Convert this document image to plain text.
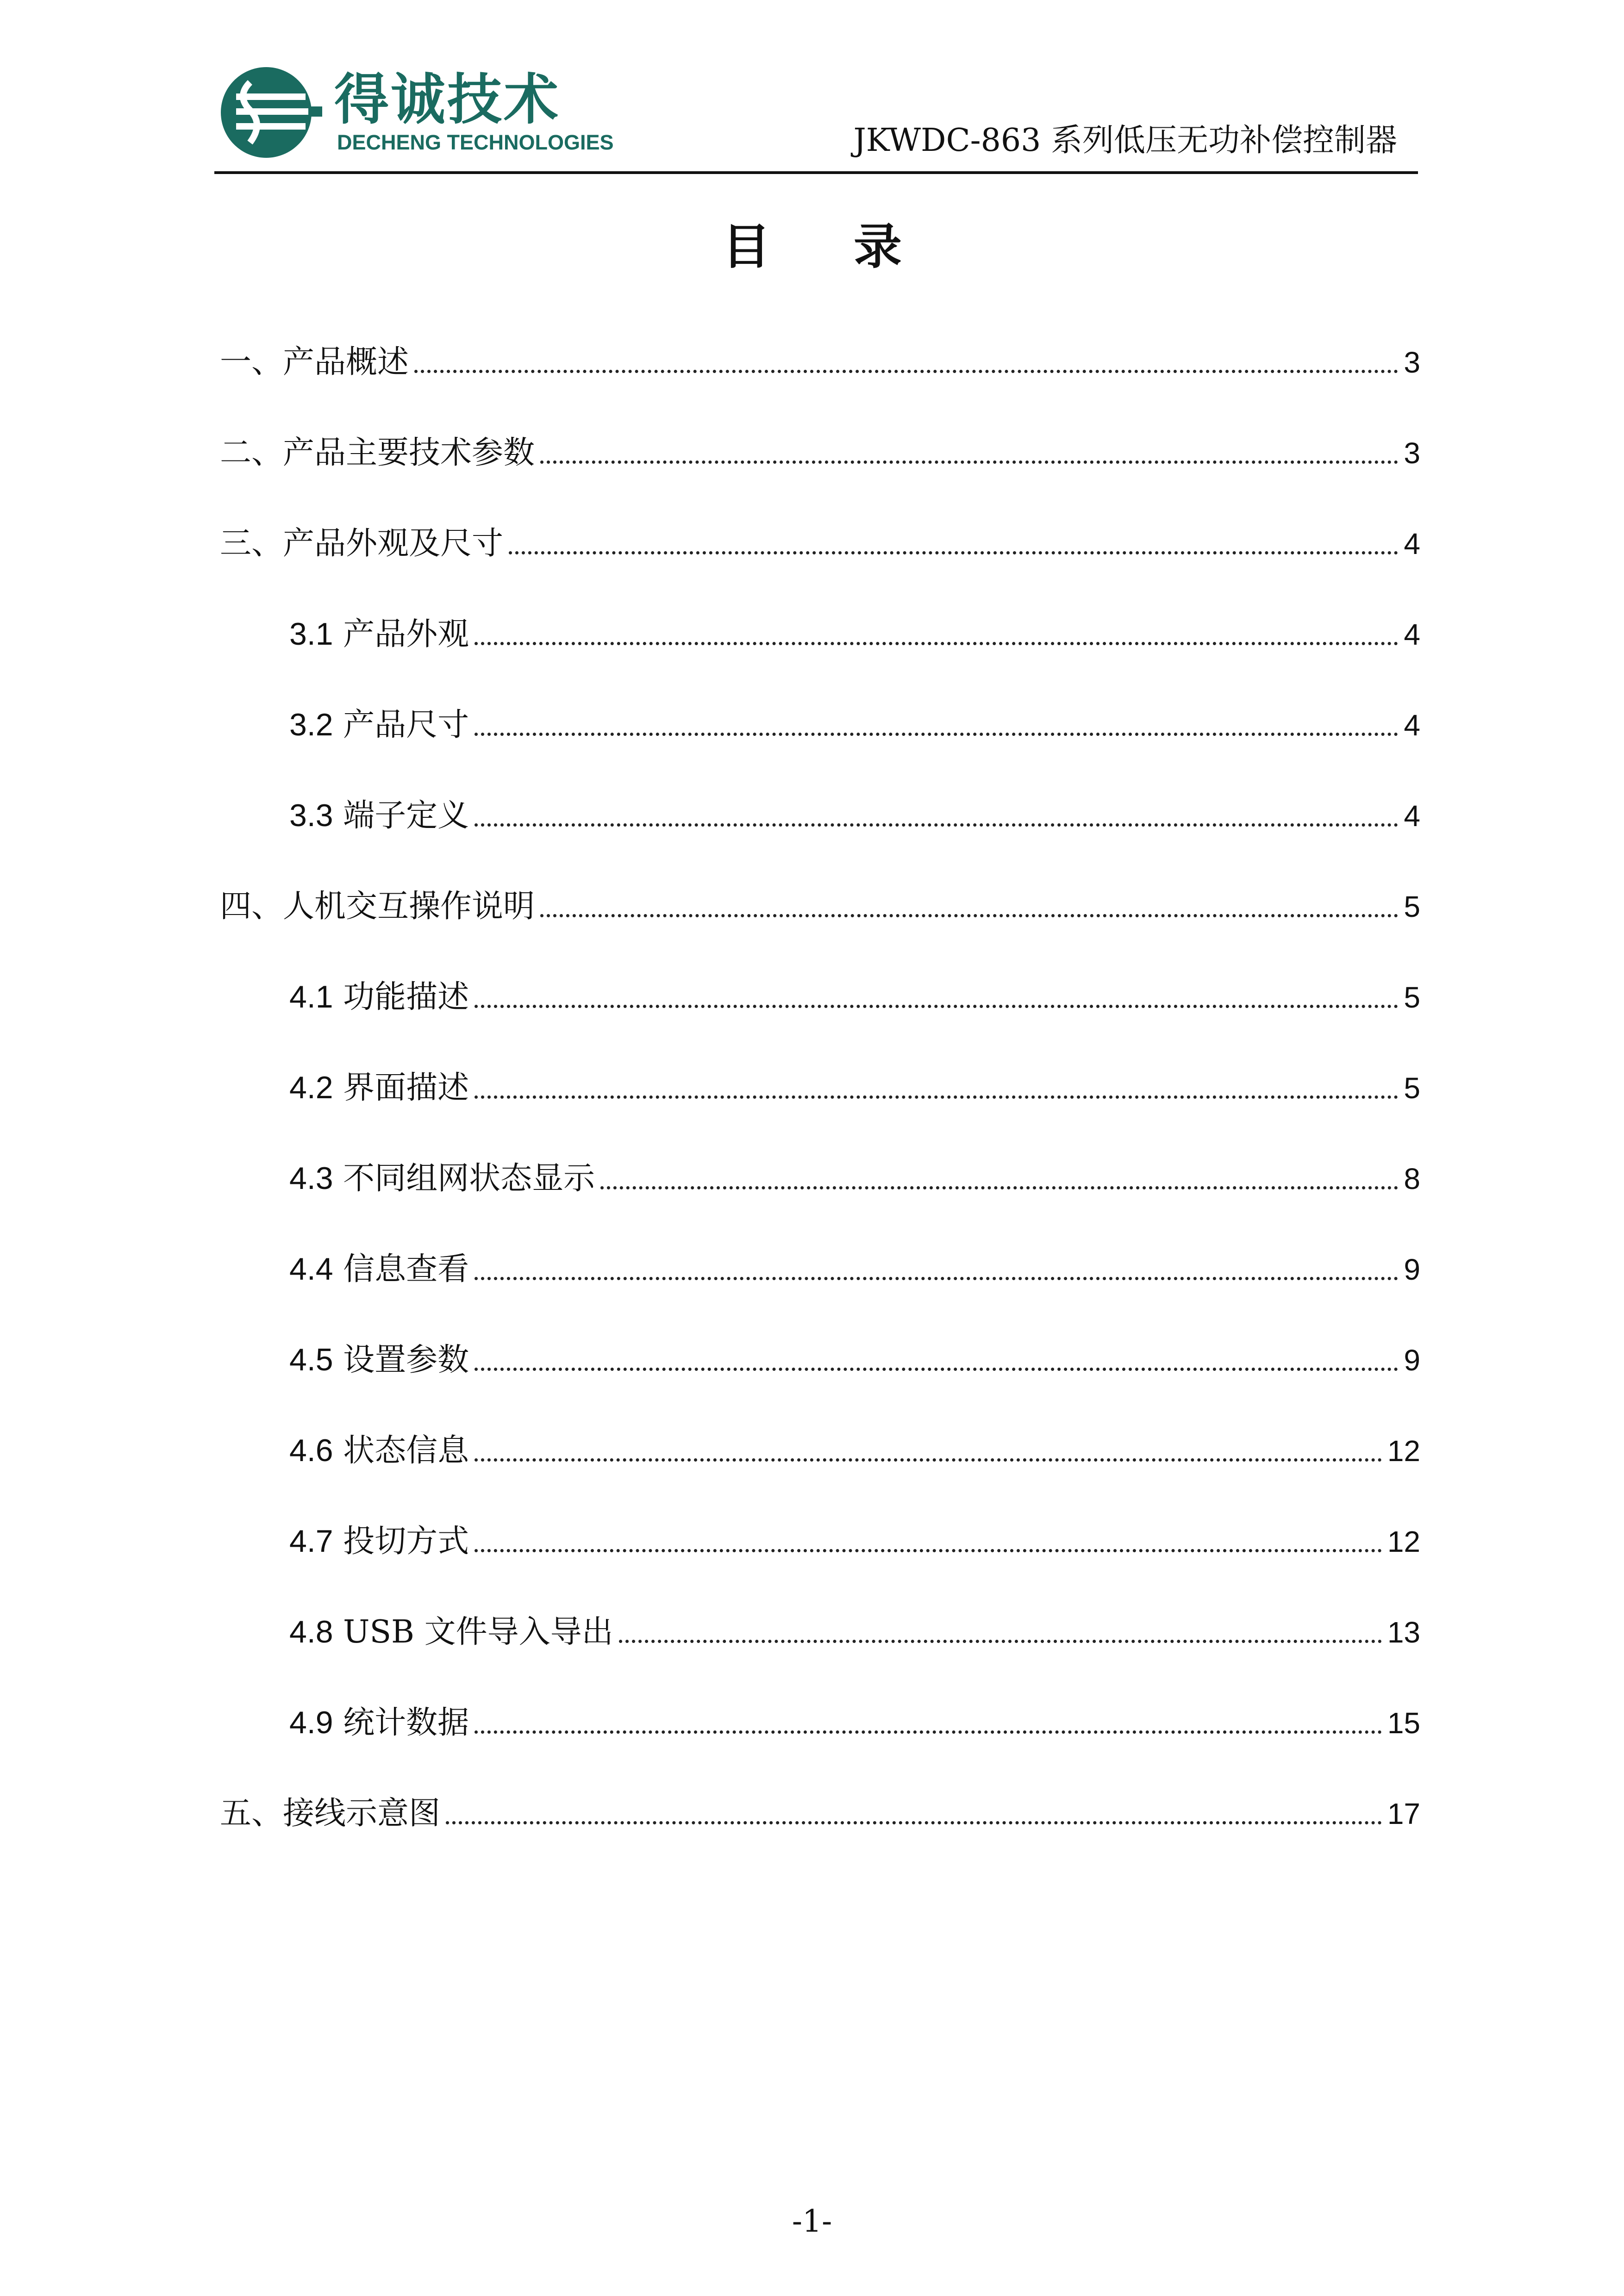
得诚技术
DECHENG TECHNOLOGIES	JKWDC-863 系列低压无功补偿控制器
目录
一、产品概述	3
二、产品主要技术参数	3
三、产品外观及尺寸	4
3.1 产品外观	4
3.2 产品尺寸	4
3.3 端子定义	4
四、人机交互操作说明	5
4.1 功能描述	5
4.2 界面描述	5
4.3 不同组网状态显示	8
4.4 信息查看	9
4.5 设置参数	9
4.6 状态信息	12
4.7 投切方式	12
4.8 USB 文件导入导出	13
4.9 统计数据	15
五、接线示意图	17
-1-
